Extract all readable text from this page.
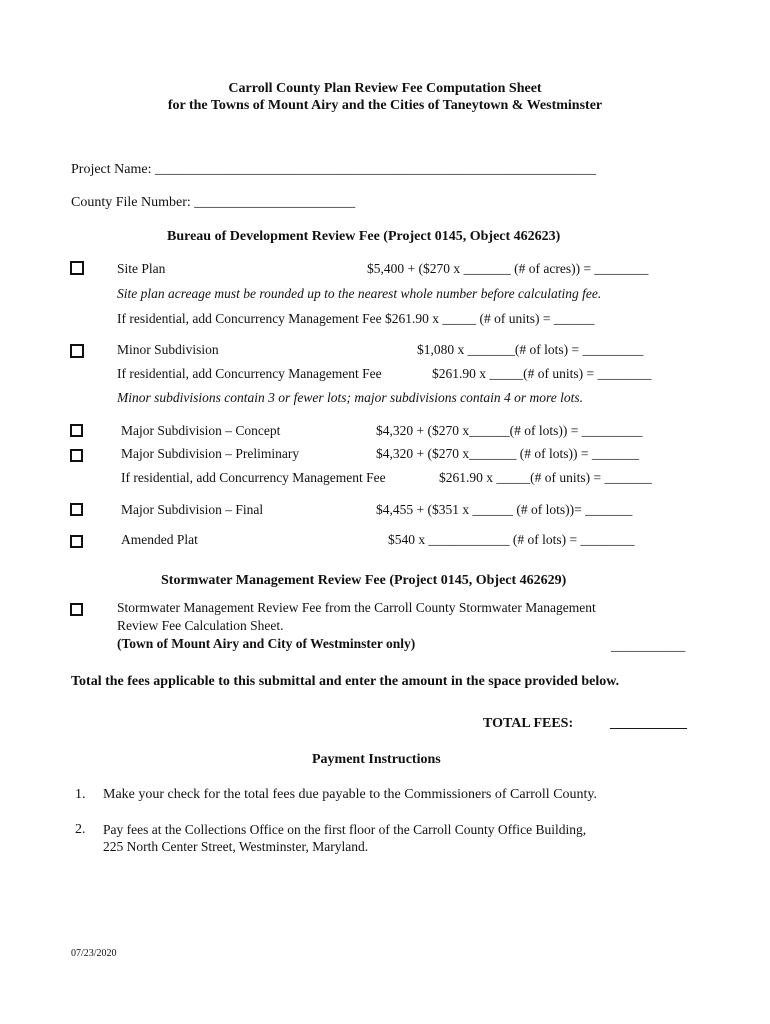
Carroll County Plan Review Fee Computation Sheet
for the Towns of Mount Airy and the Cities of Taneytown & Westminster
Project Name: _______________________________________________________________
County File Number: _______________________
Bureau of Development Review Fee (Project 0145, Object 462623)
Site Plan	$5,400 + ($270 x _______ (# of acres)) = ________
Site plan acreage must be rounded up to the nearest whole number before calculating fee.
If residential, add Concurrency Management Fee $261.90 x _____ (# of units) = ______
Minor Subdivision	$1,080 x _______(# of lots) = _________
If residential, add Concurrency Management Fee	$261.90 x _____(# of units) = ________
Minor subdivisions contain 3 or fewer lots; major subdivisions contain 4 or more lots.
Major Subdivision – Concept	$4,320 + ($270 x______(# of lots)) = _________
Major Subdivision – Preliminary	$4,320 + ($270 x_______ (# of lots)) = _______
If residential, add Concurrency Management Fee	$261.90 x _____(# of units) = _______
Major Subdivision – Final	$4,455 + ($351 x ______ (# of lots))= _______
Amended Plat	$540 x ____________ (# of lots) = ________
Stormwater Management Review Fee (Project 0145, Object 462629)
Stormwater Management Review Fee from the Carroll County Stormwater Management
Review Fee Calculation Sheet.
(Town of Mount Airy and City of Westminster only)	___________
Total the fees applicable to this submittal and enter the amount in the space provided below.
TOTAL FEES:	___________
Payment Instructions
1. Make your check for the total fees due payable to the Commissioners of Carroll County.
2. Pay fees at the Collections Office on the first floor of the Carroll County Office Building,
225 North Center Street, Westminster, Maryland.
07/23/2020
